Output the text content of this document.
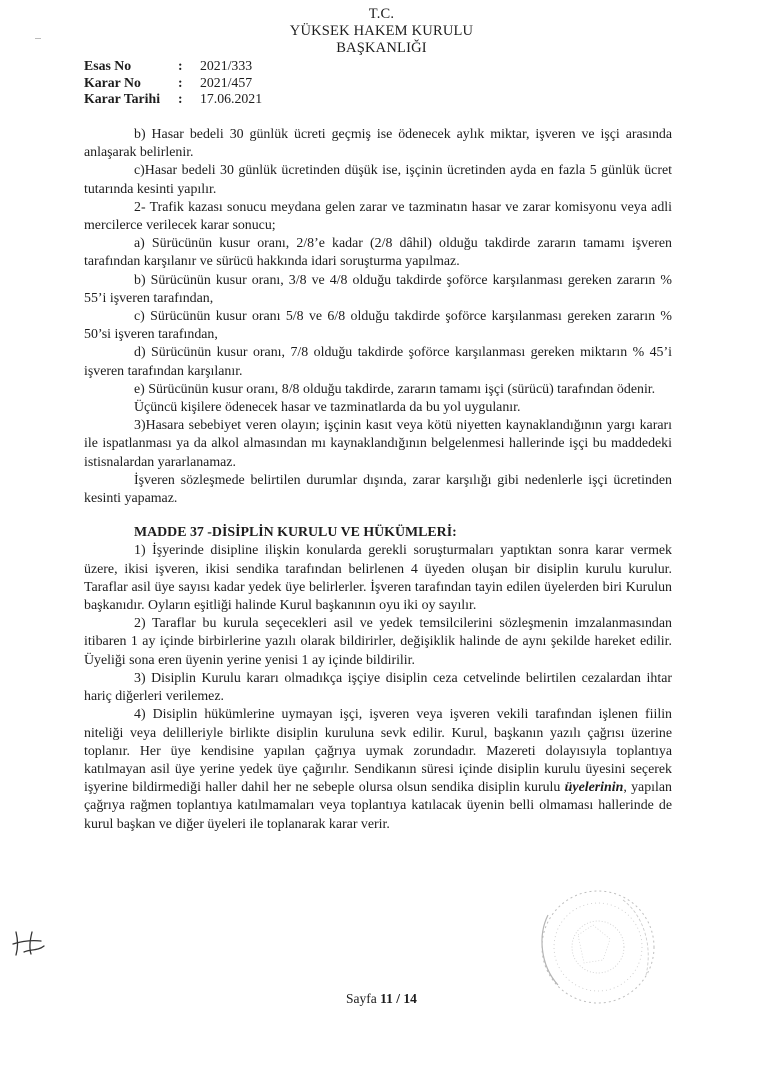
T.C.
YÜKSEK HAKEM KURULU
BAŞKANLIĞI
Esas No	:	2021/333
Karar No	:	2021/457
Karar Tarihi	:	17.06.2021

b) Hasar bedeli 30 günlük ücreti geçmiş ise ödenecek aylık miktar, işveren ve işçi arasında anlaşarak belirlenir.

c)Hasar bedeli 30 günlük ücretinden düşük ise, işçinin ücretinden ayda en fazla 5 günlük ücret tutarında kesinti yapılır.

2- Trafik kazası sonucu meydana gelen zarar ve tazminatın hasar ve zarar komisyonu veya adli mercilerce verilecek karar sonucu;

a) Sürücünün kusur oranı, 2/8’e kadar (2/8 dâhil) olduğu takdirde zararın tamamı işveren tarafından karşılanır ve sürücü hakkında idari soruşturma yapılmaz.

b) Sürücünün kusur oranı, 3/8 ve 4/8 olduğu takdirde şoförce karşılanması gereken zararın % 55’i işveren tarafından,

c) Sürücünün kusur oranı 5/8 ve 6/8 olduğu takdirde şoförce karşılanması gereken zararın % 50’si işveren tarafından,

d) Sürücünün kusur oranı, 7/8 olduğu takdirde şoförce karşılanması gereken miktarın % 45’i işveren tarafından karşılanır.

e) Sürücünün kusur oranı, 8/8 olduğu takdirde, zararın tamamı işçi (sürücü) tarafından ödenir.

Üçüncü kişilere ödenecek hasar ve tazminatlarda da bu yol uygulanır.

3)Hasara sebebiyet veren olayın; işçinin kasıt veya kötü niyetten kaynaklandığının yargı kararı ile ispatlanması ya da alkol almasından mı kaynaklandığının belgelenmesi hallerinde işçi bu maddedeki istisnalardan yararlanamaz.

İşveren sözleşmede belirtilen durumlar dışında, zarar karşılığı gibi nedenlerle işçi ücretinden kesinti yapamaz.

MADDE 37 -DİSİPLİN KURULU VE HÜKÜMLERİ:

1) İşyerinde disipline ilişkin konularda gerekli soruşturmaları yaptıktan sonra karar vermek üzere, ikisi işveren, ikisi sendika tarafından belirlenen 4 üyeden oluşan bir disiplin kurulu kurulur. Taraflar asil üye sayısı kadar yedek üye belirlerler. İşveren tarafından tayin edilen üyelerden biri Kurulun başkanıdır. Oyların eşitliği halinde Kurul başkanının oyu iki oy sayılır.

2) Taraflar bu kurula seçecekleri asil ve yedek temsilcilerini sözleşmenin imzalanmasından itibaren 1 ay içinde birbirlerine yazılı olarak bildirirler, değişiklik halinde de aynı şekilde hareket edilir. Üyeliği sona eren üyenin yerine yenisi 1 ay içinde bildirilir.

3) Disiplin Kurulu kararı olmadıkça işçiye disiplin ceza cetvelinde belirtilen cezalardan ihtar hariç diğerleri verilemez.

4) Disiplin hükümlerine uymayan işçi, işveren veya işveren vekili tarafından işlenen fiilin niteliği veya delilleriyle birlikte disiplin kuruluna sevk edilir. Kurul, başkanın yazılı çağrısı üzerine toplanır. Her üye kendisine yapılan çağrıya uymak zorundadır. Mazereti dolayısıyla toplantıya katılmayan asil üye yerine yedek üye çağırılır. Sendikanın süresi içinde disiplin kurulu üyesini seçerek işyerine bildirmediği haller dahil her ne sebeple olursa olsun sendika disiplin kurulu üyelerinin, yapılan çağrıya rağmen toplantıya katılmamaları veya toplantıya katılacak üyenin belli olmaması hallerinde de kurul başkan ve diğer üyeleri ile toplanarak karar verir.

Sayfa 11 / 14
